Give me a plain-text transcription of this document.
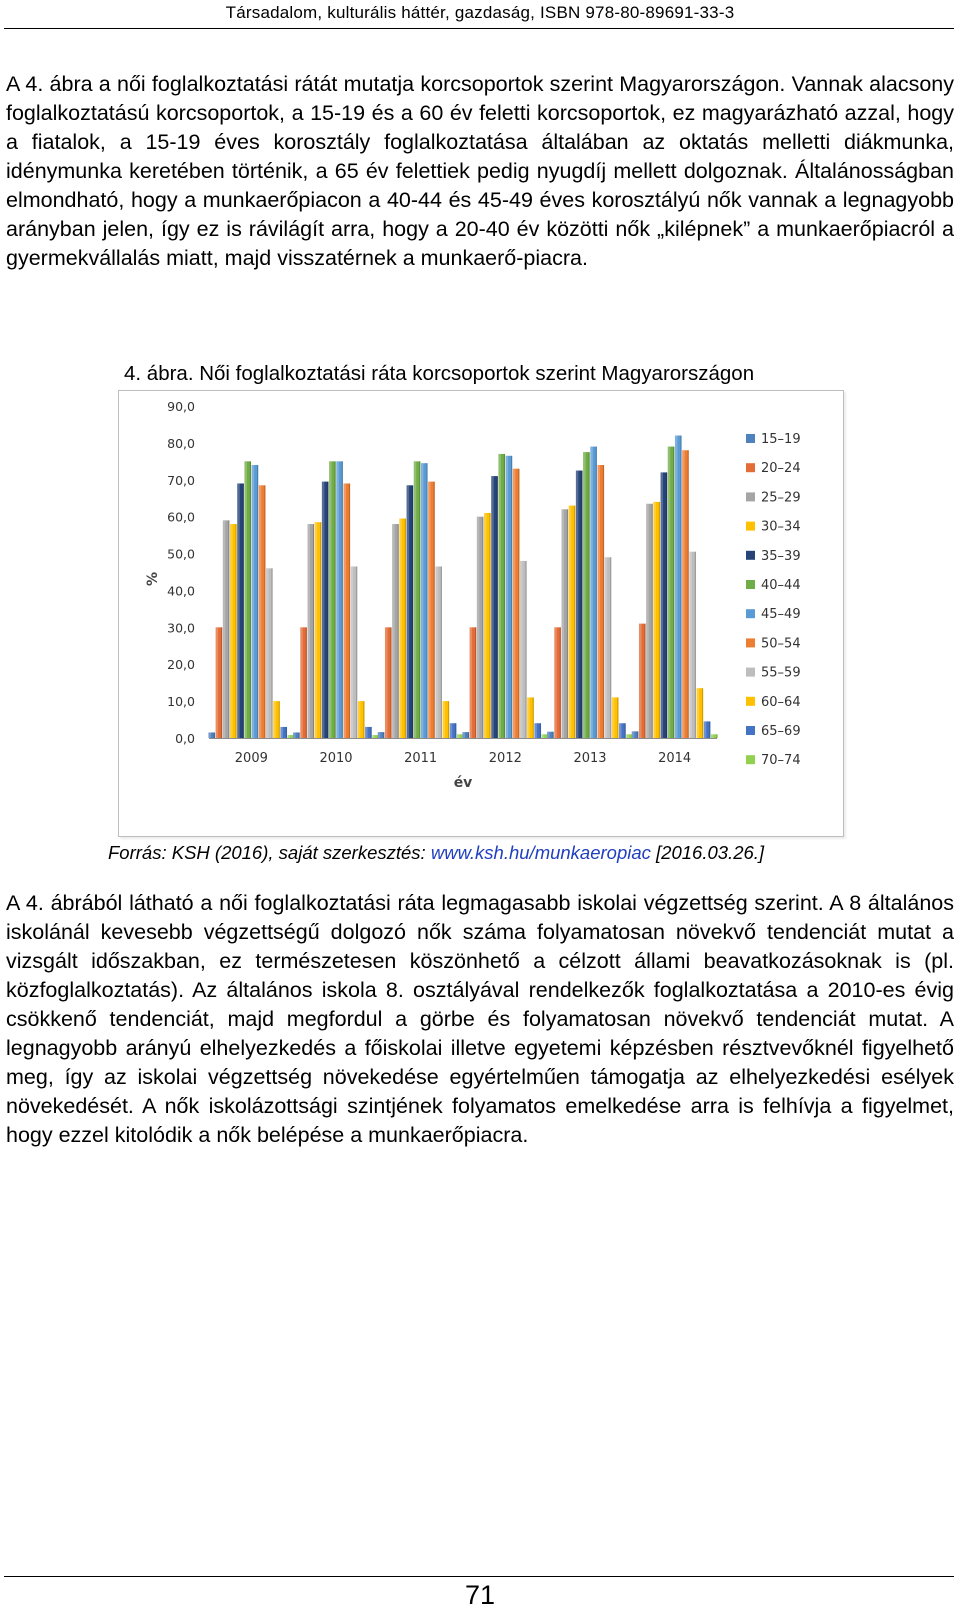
Társadalom, kulturális háttér, gazdaság, ISBN 978-80-89691-33-3

A 4. ábra a női foglalkoztatási rátát mutatja korcsoportok szerint Magyarországon. Vannak alacsony foglalkoztatású korcsoportok, a 15-19 és a 60 év feletti korcsoportok, ez magyarázható azzal, hogy a fiatalok, a 15-19 éves korosztály foglalkoztatása általában az oktatás melletti diákmunka, idénymunka keretében történik, a 65 év felettiek pedig nyugdíj mellett dolgoznak. Általánosságban elmondható, hogy a munkaerőpiacon a 40-44 és 45-49 éves korosztályú nők vannak a legnagyobb arányban jelen, így ez is rávilágít arra, hogy a 20-40 év közötti nők „kilépnek” a munkaerőpiacról a gyermekvállalás miatt, majd visszatérnek a munkaerő-piacra.

4. ábra. Női foglalkoztatási ráta korcsoportok szerint Magyarországon
0,0
10,0
20,0
30,0
40,0
50,0
60,0
70,0
80,0
90,0
2009	2010	2011	2012	2013	2014
15–19
20–24
25–29
30–34
35–39
40–44
45–49
50–54
55–59
60–64
65–69
70–74
%
év
Forrás: KSH (2016), saját szerkesztés: www.ksh.hu/munkaeropiac [2016.03.26.]

A 4. ábrából látható a női foglalkoztatási ráta legmagasabb iskolai végzettség szerint. A 8 általános iskolánál kevesebb végzettségű dolgozó nők száma folyamatosan növekvő tendenciát mutat a vizsgált időszakban, ez természetesen köszönhető a célzott állami beavatkozásoknak is (pl. közfoglalkoztatás). Az általános iskola 8. osztályával rendelkezők foglalkoztatása a 2010-es évig csökkenő tendenciát, majd megfordul a görbe és folyamatosan növekvő tendenciát mutat. A legnagyobb arányú elhelyezkedés a főiskolai illetve egyetemi képzésben résztvevőknél figyelhető meg, így az iskolai végzettség növekedése egyértelműen támogatja az elhelyezkedési esélyek növekedését. A nők iskolázottsági szintjének folyamatos emelkedése arra is felhívja a figyelmet, hogy ezzel kitolódik a nők belépése a munkaerőpiacra.

71
